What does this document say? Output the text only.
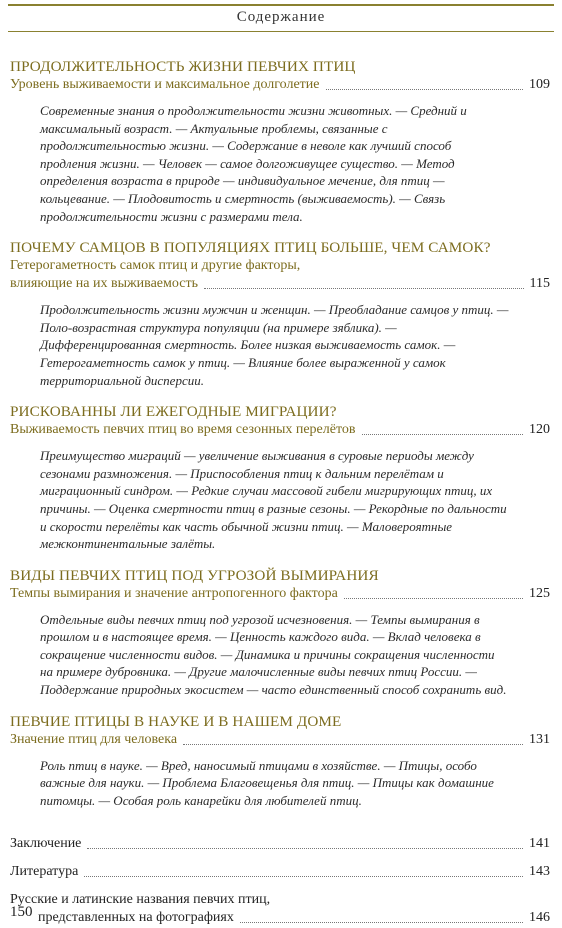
Содержание
ПРОДОЛЖИТЕЛЬНОСТЬ ЖИЗНИ ПЕВЧИХ ПТИЦ
Уровень выживаемости и максимальное долголетие	109
Современные знания о продолжительности жизни животных. — Средний и максимальный возраст. — Актуальные проблемы, связанные с продолжительностью жизни. — Содержание в неволе как лучший способ продления жизни. — Человек — самое долгоживущее существо. — Метод определения возраста в природе — индивидуальное мечение, для птиц — кольцевание. — Плодовитость и смертность (выживаемость). — Связь продолжительности жизни с размерами тела.
ПОЧЕМУ САМЦОВ В ПОПУЛЯЦИЯХ ПТИЦ БОЛЬШЕ, ЧЕМ САМОК?
Гетерогаметность самок птиц и другие факторы,
влияющие на их выживаемость	115
Продолжительность жизни мужчин и женщин. — Преобладание самцов у птиц. — Поло-возрастная структура популяции (на примере зяблика). — Дифференцированная смертность. Более низкая выживаемость самок. — Гетерогаметность самок у птиц. — Влияние более выраженной у самок территориальной дисперсии.
РИСКОВАННЫ ЛИ ЕЖЕГОДНЫЕ МИГРАЦИИ?
Выживаемость певчих птиц во время сезонных перелётов	120
Преимущество миграций — увеличение выживания в суровые периоды между сезонами размножения. — Приспособления птиц к дальним перелётам и миграционный синдром. — Редкие случаи массовой гибели мигрирующих птиц, их причины. — Оценка смертности птиц в разные сезоны. — Рекордные по дальности и скорости перелёты как часть обычной жизни птиц. — Маловероятные межконтинентальные залёты.
ВИДЫ ПЕВЧИХ ПТИЦ ПОД УГРОЗОЙ ВЫМИРАНИЯ
Темпы вымирания и значение антропогенного фактора	125
Отдельные виды певчих птиц под угрозой исчезновения. — Темпы вымирания в прошлом и в настоящее время. — Ценность каждого вида. — Вклад человека в сокращение численности видов. — Динамика и причины сокращения численности на примере дубровника. — Другие малочисленные виды певчих птиц России. — Поддержание природных экосистем — часто единственный способ сохранить вид.
ПЕВЧИЕ ПТИЦЫ В НАУКЕ И В НАШЕМ ДОМЕ
Значение птиц для человека	131
Роль птиц в науке. — Вред, наносимый птицами в хозяйстве. — Птицы, особо важные для науки. — Проблема Благовещенья для птиц. — Птицы как домашние питомцы. — Особая роль канарейки для любителей птиц.
Заключение	141
Литература	143
Русские и латинские названия певчих птиц,
представленных на фотографиях	146
150
